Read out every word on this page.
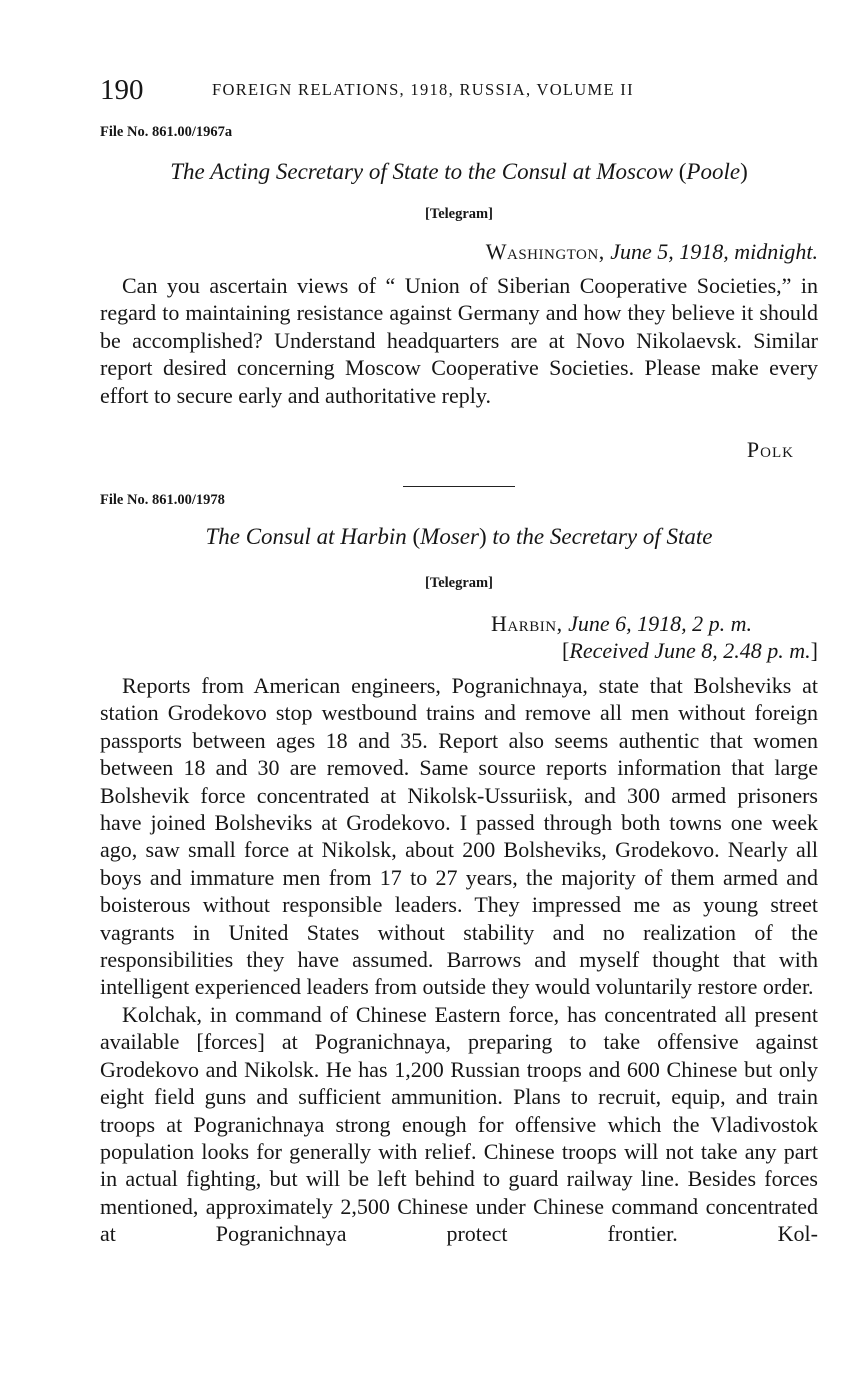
190	FOREIGN RELATIONS, 1918, RUSSIA, VOLUME II
File No. 861.00/1967a
The Acting Secretary of State to the Consul at Moscow (Poole)
[Telegram]
Washington, June 5, 1918, midnight.

Can you ascertain views of “ Union of Siberian Cooperative Societies,” in regard to maintaining resistance against Germany and how they believe it should be accomplished? Understand headquarters are at Novo Nikolaevsk. Similar report desired concerning Moscow Cooperative Societies. Please make every effort to secure early and authoritative reply.

Polk
File No. 861.00/1978
The Consul at Harbin (Moser) to the Secretary of State
[Telegram]
Harbin, June 6, 1918, 2 p. m.
[Received June 8, 2.48 p. m.]

Reports from American engineers, Pogranichnaya, state that Bolsheviks at station Grodekovo stop westbound trains and remove all men without foreign passports between ages 18 and 35. Report also seems authentic that women between 18 and 30 are removed. Same source reports information that large Bolshevik force concentrated at Nikolsk-Ussuriisk, and 300 armed prisoners have joined Bolsheviks at Grodekovo. I passed through both towns one week ago, saw small force at Nikolsk, about 200 Bolsheviks, Grodekovo. Nearly all boys and immature men from 17 to 27 years, the majority of them armed and boisterous without responsible leaders. They impressed me as young street vagrants in United States without stability and no realization of the responsibilities they have assumed. Barrows and myself thought that with intelligent experienced leaders from outside they would voluntarily restore order.

Kolchak, in command of Chinese Eastern force, has concentrated all present available [forces] at Pogranichnaya, preparing to take offensive against Grodekovo and Nikolsk. He has 1,200 Russian troops and 600 Chinese but only eight field guns and sufficient ammunition. Plans to recruit, equip, and train troops at Pogranichnaya strong enough for offensive which the Vladivostok population looks for generally with relief. Chinese troops will not take any part in actual fighting, but will be left behind to guard railway line. Besides forces mentioned, approximately 2,500 Chinese under Chinese command concentrated at Pogranichnaya protect frontier. Kol-
